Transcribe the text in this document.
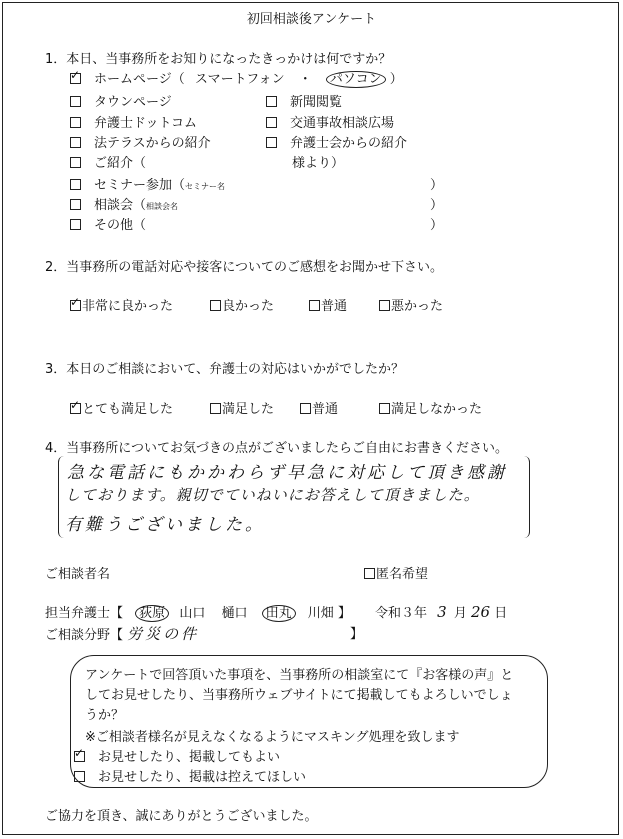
初回相談後アンケート
1．本日、当事務所をお知りになったきっかけは何ですか？
✓ホームページ（ スマートフォン ・ パソコン ）
タウンページ
弁護士ドットコム
法テラスからの紹介
ご紹介（
新聞閲覧
交通事故相談広場
弁護士会からの紹介
様より）
セミナー参加（セミナー名	）
相談会（相談会名	）
その他（	）
2．当事務所の電話対応や接客についてのご感想をお聞かせ下さい。
✓非常に良かった	良かった	普通	悪かった
3．本日のご相談において、弁護士の対応はいかがでしたか？
✓とても満足した	満足した	普通	満足しなかった
4．当事務所についてお気づきの点がございましたらご自由にお書きください。
急な電話にもかかわらず早急に対応して頂き感謝
しております。親切でていねいにお答えして頂きました。
有難うございました。
ご相談者名	匿名希望
担当弁護士【 荻原 山口 樋口 田丸 川畑 】 令和３年 3 月 26 日
ご相談分野【 労災の件	】
アンケートで回答頂いた事項を、当事務所の相談室にて『お客様の声』と
してお見せしたり、当事務所ウェブサイトにて掲載してもよろしいでしょ
うか？
※ご相談者様名が見えなくなるようにマスキング処理を致します
✓お見せしたり、掲載してもよい
お見せしたり、掲載は控えてほしい
ご協力を頂き、誠にありがとうございました。
